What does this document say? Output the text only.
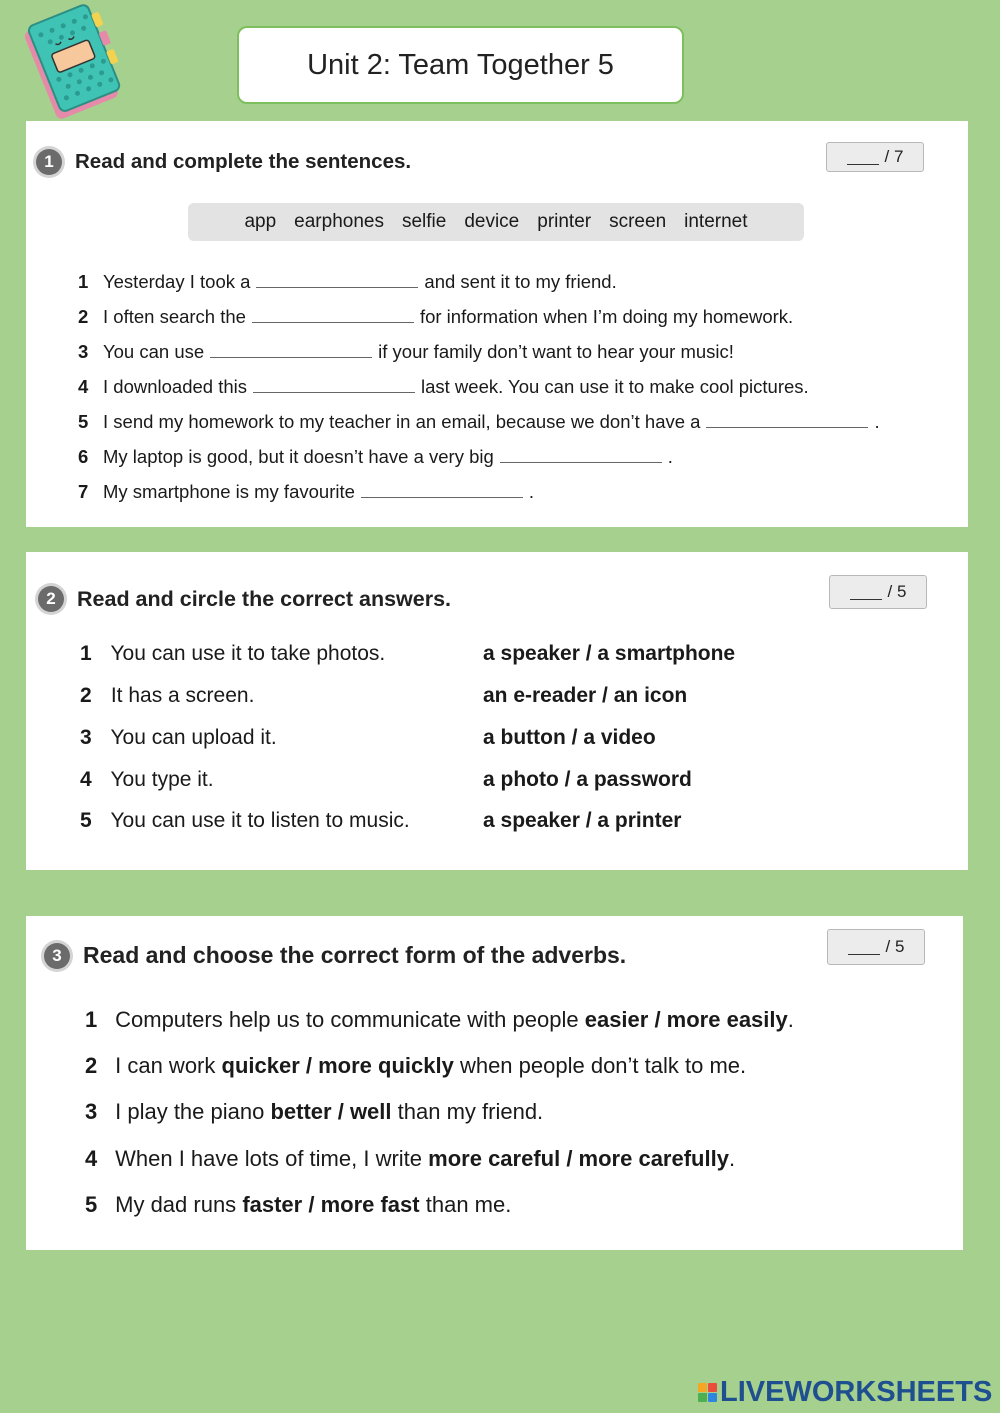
Unit 2: Team Together 5
1	Read and complete the sentences.	/ 7
app earphones selfie device printer screen internet
1 Yesterday I took a	and sent it to my friend.
2 I often search the	for information when I’m doing my homework.
3 You can use	if your family don’t want to hear your music!
4 I downloaded this	last week. You can use it to make cool pictures.
5 I send my homework to my teacher in an email, because we don’t have a	.
6 My laptop is good, but it doesn’t have a very big	.
7 My smartphone is my favourite	.
2 Read and circle the correct answers.	/ 5
1 You can use it to take photos.	a speaker / a smartphone
2 It has a screen.	an e-reader / an icon
3 You can upload it.	a button / a video
4 You type it.	a photo / a password
5 You can use it to listen to music.	a speaker / a printer
3 Read and choose the correct form of the adverbs.	/ 5
1 Computers help us to communicate with people easier / more easily.
2 I can work quicker / more quickly when people don’t talk to me.
3 I play the piano better / well than my friend.
4 When I have lots of time, I write more careful / more carefully.
5 My dad runs faster / more fast than me.
LIVEWORKSHEETS
